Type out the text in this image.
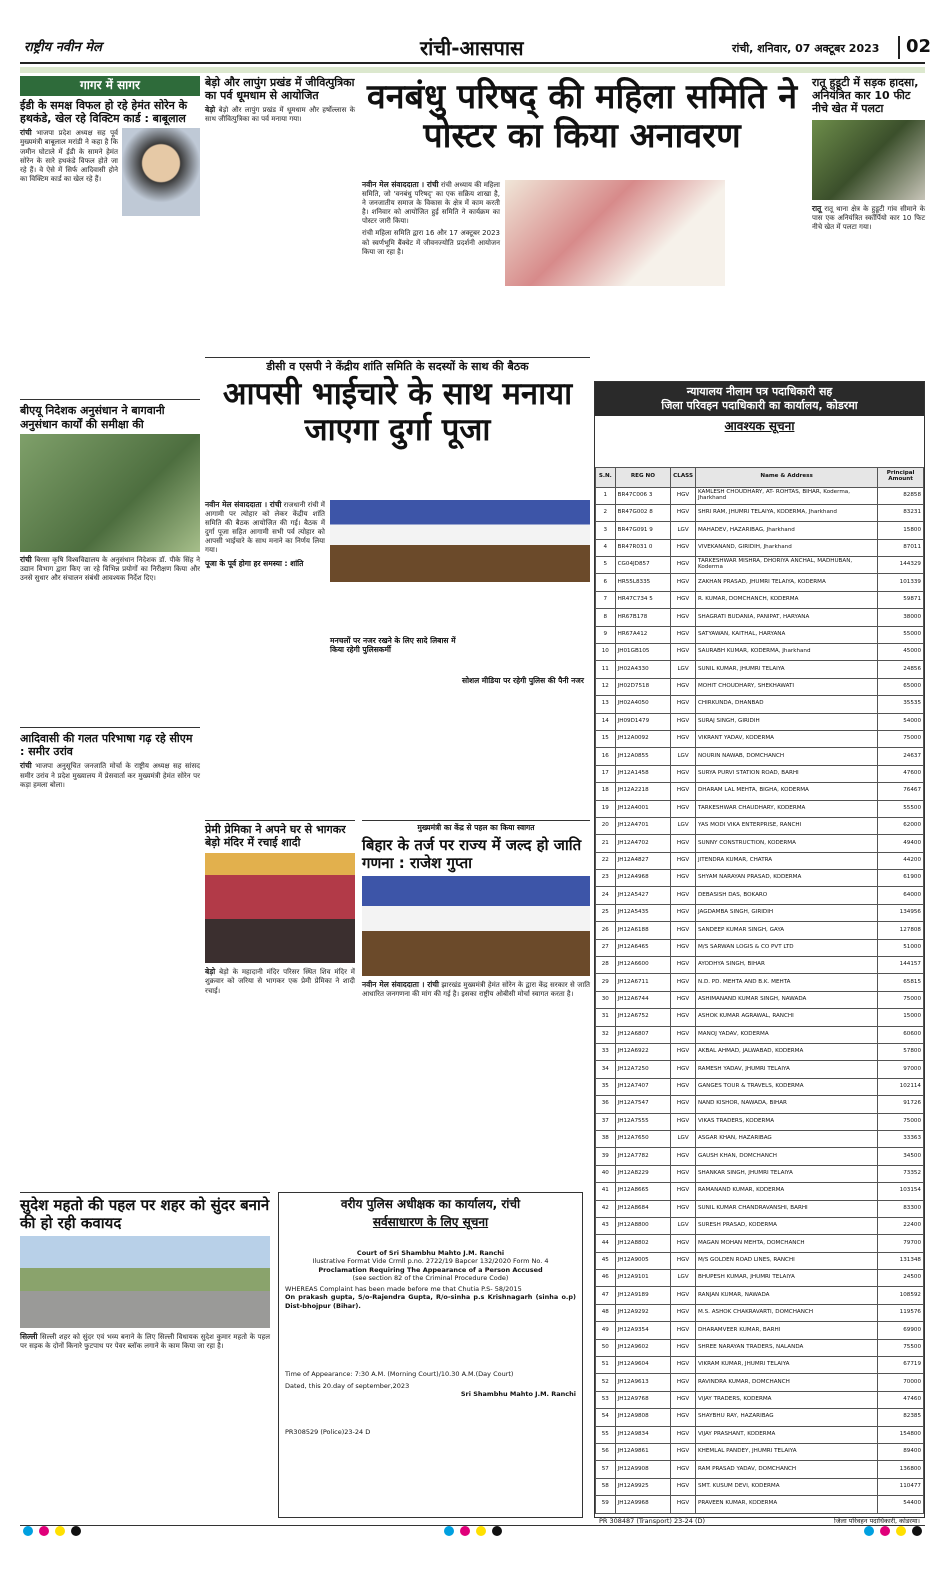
राष्ट्रीय नवीन मेल	रांची-आसपास	रांची, शनिवार, 07 अक्टूबर 2023	02
गागर में सागर
ईडी के समक्ष विफल हो रहे हेमंत सोरेन के हथकंडे, खेल रहे विक्टिम कार्ड : बाबूलाल
रांची भाजपा प्रदेश अध्यक्ष सह पूर्व मुख्यमंत्री बाबूलाल मरांडी ने कहा है कि जमीन घोटाले में ईडी के सामने हेमंत सोरेन के सारे हथकंडे विफल होते जा रहे हैं। वे ऐसे में सिर्फ आदिवासी होने का विक्टिम कार्ड का खेल रहे हैं।
बीएयू निदेशक अनुसंधान ने बागवानी अनुसंधान कार्यों की समीक्षा की
रांची बिरसा कृषि विश्वविद्यालय के अनुसंधान निदेशक डॉ. पीके सिंह ने उद्यान विभाग द्वारा किए जा रहे विभिन्न प्रयोगों का निरीक्षण किया और उनसे सुधार और संचालन संबंधी आवश्यक निर्देश दिए।
आदिवासी की गलत परिभाषा गढ़ रहे सीएम : समीर उरांव
रांची भाजपा अनुसूचित जनजाति मोर्चा के राष्ट्रीय अध्यक्ष सह सांसद समीर उरांव ने प्रदेश मुख्यालय में प्रेसवार्ता कर मुख्यमंत्री हेमंत सोरेन पर कड़ा हमला बोला।
बेड़ो और लापुंग प्रखंड में जीवित्पुत्रिका का पर्व धूमधाम से आयोजित
बेड़ो बेड़ो और लापुंग प्रखंड में धूमधाम और हर्षोल्लास के साथ जीवित्पुत्रिका का पर्व मनाया गया।
वनबंधु परिषद् की महिला समिति ने पोस्टर का किया अनावरण
नवीन मेल संवाददाता । रांची रांची अध्याय की महिला समिति, जो 'वनबंधु परिषद्' का एक सक्रिय शाखा है, ने जनजातीय समाज के विकास के क्षेत्र में काम करती है। शनिवार को आयोजित हुई समिति ने कार्यक्रम का पोस्टर जारी किया।
रांची महिला समिति द्वारा 16 और 17 अक्टूबर 2023 को स्वर्णभूमि बैंक्वेट में जीवनज्योति प्रदर्शनी आयोजन किया जा रहा है।
रातू हुडूटी में सड़क हादसा, अनियंत्रित कार 10 फीट नीचे खेत में पलटा
रातू रातू थाना क्षेत्र के हुडूटी गांव सीमाने के पास एक अनियंत्रित स्कॉर्पियो कार 10 फिट नीचे खेत में पलटा गया।
डीसी व एसपी ने केंद्रीय शांति समिति के सदस्यों के साथ की बैठक
आपसी भाईचारे के साथ मनाया जाएगा दुर्गा पूजा
नवीन मेल संवाददाता । रांची राजधानी रांची में आगामी पर त्योहार को लेकर केंद्रीय शांति समिति की बैठक आयोजित की गई। बैठक में दुर्गा पूजा सहित आगामी सभी पर्व त्योहार को आपसी भाईचारे के साथ मनाने का निर्णय लिया गया।
पूजा के पूर्व होगा हर समस्या : शांति
मनचलों पर नजर रखने के लिए सादे लिबास में किया रहेगी पुलिसकर्मी
सोशल मीडिया पर रहेगी पुलिस की पैनी नजर
प्रेमी प्रेमिका ने अपने घर से भागकर बेड़ो मंदिर में रचाई शादी
बेड़ो बेड़ो के महादानी मंदिर परिसर स्थित शिव मंदिर में शुक्रवार को जरिया से भागकर एक प्रेमी प्रेमिका ने शादी रचाई।
मुख्यमंत्री का केंद्र से पहल का किया स्वागत
बिहार के तर्ज पर राज्य में जल्द हो जाति गणना : राजेश गुप्ता
नवीन मेल संवाददाता । रांची झारखंड मुख्यमंत्री हेमंत सोरेन के द्वारा केंद्र सरकार से जाति आधारित जनगणना की मांग की गई है। इसका राष्ट्रीय ओबीसी मोर्चा स्वागत करता है।
सुदेश महतो की पहल पर शहर को सुंदर बनाने की हो रही कवायद
सिल्ली सिल्ली शहर को सुंदर एवं भव्य बनाने के लिए सिल्ली विधायक सुदेश कुमार महतो के पहल पर सड़क के दोनों किनारे फुटपाथ पर पेवर ब्लॉक लगाने के काम किया जा रहा है।
वरीय पुलिस अधीक्षक का कार्यालय, रांची
सर्वसाधारण के लिए सूचना
Court of Sri Shambhu Mahto J.M. Ranchi
Ilustrative Format Vide Crmll p.no. 2722/19 Bapcer 132/2020 Form No. 4
Proclamation Requiring The Appearance of a Person Accused
(see section 82 of the Criminal Procedure Code)
WHEREAS Complaint has been made before me that Chutia P.S- 58/2015
On prakash gupta, S/o-Rajendra Gupta, R/o-sinha p.s Krishnagarh (sinha o.p) Dist-bhojpur (Bihar).
Time of Appearance: 7:30 A.M. (Morning Court)/10.30 A.M.(Day Court)
Dated, this 20.day of september,2023
Sri Shambhu Mahto J.M. Ranchi
PR308529 (Police)23-24 D
न्यायालय नीलाम पत्र पदाधिकारी सह
जिला परिवहन पदाधिकारी का कार्यालय, कोडरमा
आवश्यक सूचना
S.N.	REG NO	CLASS	Name & Address	Principal Amount
1	BR47C006 3	HGV	KAMLESH CHOUDHARY, AT- ROHTAS, BIHAR, Koderma, Jharkhand	82858
2	BR47G002 8	HGV	SHRI RAM, JHUMRI TELAIYA, KODERMA, Jharkhand	83231
3	BR47G091 9	LGV	MAHADEV, HAZARIBAG, Jharkhand	15800
4	BR47R031 0	HGV	VIVEKANAND, GIRIDIH, Jharkhand	87011
5	CG04JD857	HGV	TARKESHWAR MISHRA, DHORIYA ANCHAL, MADHUBAN, Koderma	144329
6	HR55L8335	HGV	ZAKHAN PRASAD, JHUMRI TELAIYA, KODERMA	101339
7	HR47C734 5	HGV	R. KUMAR, DOMCHANCH, KODERMA	59871
8	HR67B178	HGV	SHAGRATI BUDANIA, PANIPAT, HARYANA	38000
9	HR67A412	HGV	SATYAWAN, KAITHAL, HARYANA	55000
10	JH01GB105	HGV	SAURABH KUMAR, KODERMA, Jharkhand	45000
11	JH02A4330	LGV	SUNIL KUMAR, JHUMRI TELAIYA	24856
12	JH02D7518	HGV	MOHIT CHOUDHARY, SHEKHAWATI	65000
13	JH02A4050	HGV	CHIRKUNDA, DHANBAD	35535
14	JH09D1479	HGV	SURAJ SINGH, GIRIDIH	54000
15	JH12A0092	HGV	VIKRANT YADAV, KODERMA	75000
16	JH12A0855	LGV	NOURIN NAWAB, DOMCHANCH	24637
17	JH12A1458	HGV	SURYA PURVI STATION ROAD, BARHI	47600
18	JH12A2218	HGV	DHARAM LAL MEHTA, BIGHA, KODERMA	76467
19	JH12A4001	HGV	TARKESHWAR CHAUDHARY, KODERMA	55500
20	JH12A4701	LGV	YAS MODI VIKA ENTERPRISE, RANCHI	62000
21	JH12A4702	HGV	SUNNY CONSTRUCTION, KODERMA	49400
22	JH12A4827	HGV	JITENDRA KUMAR, CHATRA	44200
23	JH12A4968	HGV	SHYAM NARAYAN PRASAD, KODERMA	61900
24	JH12A5427	HGV	DEBASISH DAS, BOKARO	64000
25	JH12A5435	HGV	JAGDAMBA SINGH, GIRIDIH	134956
26	JH12A6188	HGV	SANDEEP KUMAR SINGH, GAYA	127808
27	JH12A6465	HGV	M/S SARWAN LOGIS & CO PVT LTD	51000
28	JH12A6600	HGV	AYODHYA SINGH, BIHAR	144157
29	JH12A6711	HGV	N.D. PD. MEHTA AND B.K. MEHTA	65815
30	JH12A6744	HGV	ASHIMANAND KUMAR SINGH, NAWADA	75000
31	JH12A6752	HGV	ASHOK KUMAR AGRAWAL, RANCHI	15000
32	JH12A6807	HGV	MANOJ YADAV, KODERMA	60600
33	JH12A6922	HGV	AKBAL AHMAD, JALWABAD, KODERMA	57800
34	JH12A7250	HGV	RAMESH YADAV, JHUMRI TELAIYA	97000
35	JH12A7407	HGV	GANGES TOUR & TRAVELS, KODERMA	102114
36	JH12A7547	HGV	NAND KISHOR, NAWADA, BIHAR	91726
37	JH12A7555	HGV	VIKAS TRADERS, KODERMA	75000
38	JH12A7650	LGV	ASGAR KHAN, HAZARIBAG	33363
39	JH12A7782	HGV	GAUSH KHAN, DOMCHANCH	34500
40	JH12A8229	HGV	SHANKAR SINGH, JHUMRI TELAIYA	73352
41	JH12A8665	HGV	RAMANAND KUMAR, KODERMA	103154
42	JH12A8684	HGV	SUNIL KUMAR CHANDRAVANSHI, BARHI	83300
43	JH12A8800	LGV	SURESH PRASAD, KODERMA	22400
44	JH12A8802	HGV	MAGAN MOHAN MEHTA, DOMCHANCH	79700
45	JH12A9005	HGV	M/S GOLDEN ROAD LINES, RANCHI	131348
46	JH12A9101	LGV	BHUPESH KUMAR, JHUMRI TELAIYA	24500
47	JH12A9189	HGV	RANJAN KUMAR, NAWADA	108592
48	JH12A9292	HGV	M.S. ASHOK CHAKRAVARTI, DOMCHANCH	119576
49	JH12A9354	HGV	DHARAMVEER KUMAR, BARHI	69900
50	JH12A9602	HGV	SHREE NARAYAN TRADERS, NALANDA	75500
51	JH12A9604	HGV	VIKRAM KUMAR, JHUMRI TELAIYA	67719
52	JH12A9613	HGV	RAVINDRA KUMAR, DOMCHANCH	70000
53	JH12A9768	HGV	VIJAY TRADERS, KODERMA	47460
54	JH12A9808	HGV	SHAYBHU RAY, HAZARIBAG	82385
55	JH12A9834	HGV	VIJAY PRASHANT, KODERMA	154800
56	JH12A9861	HGV	KHEMLAL PANDEY, JHUMRI TELAIYA	89400
57	JH12A9908	HGV	RAM PRASAD YADAV, DOMCHANCH	136800
58	JH12A9925	HGV	SMT. KUSUM DEVI, KODERMA	110477
59	JH12A9968	HGV	PRAVEEN KUMAR, KODERMA	54400
PR 308487 (Transport) 23-24 (D)	जिला परिवहन पदाधिकारी, कोडरमा।
